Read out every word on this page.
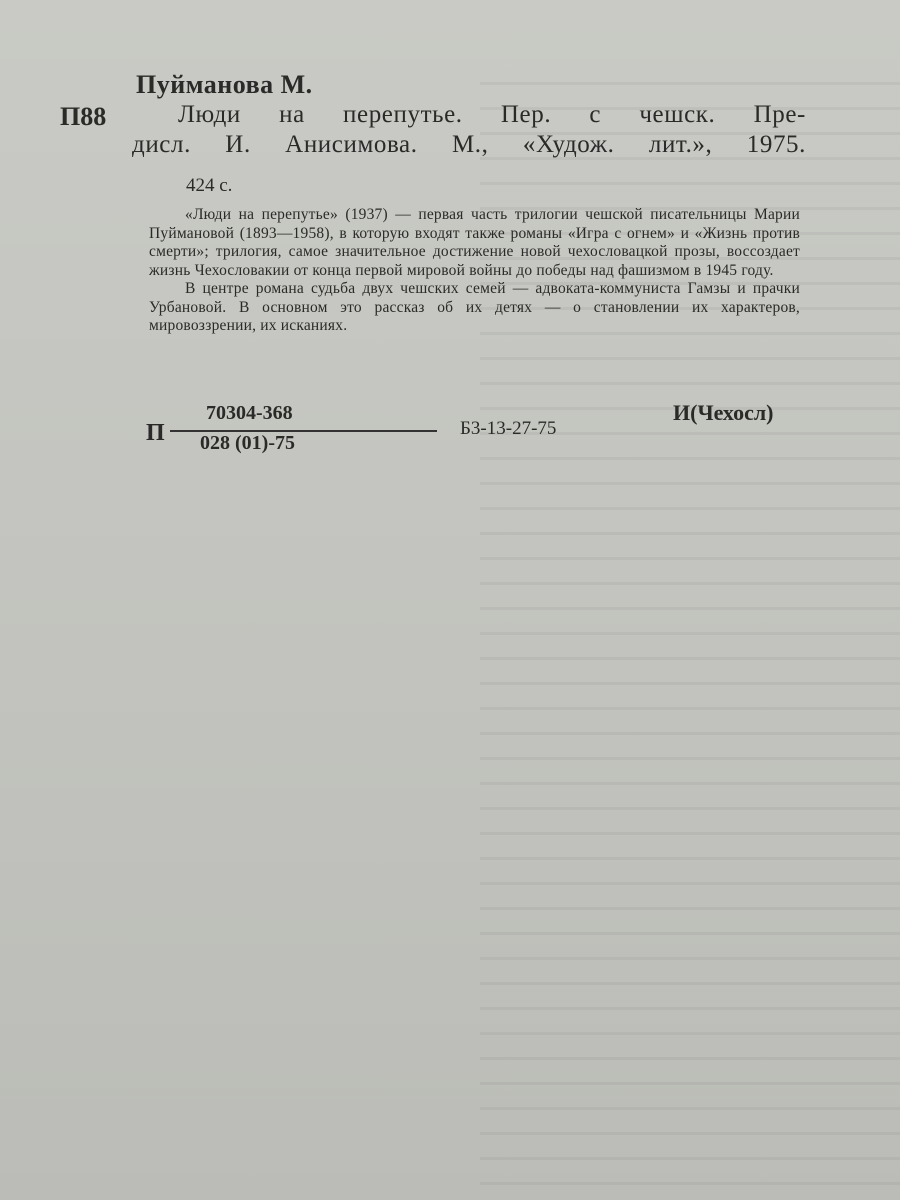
Пуйманова М.
П88	Люди на перепутье. Пер. с чешск. Пре-
дисл. И. Анисимова. М., «Худож. лит.», 1975.
424 с.

«Люди на перепутье» (1937) — первая часть трилогии чешской писательницы Марии Пуймановой (1893—1958), в которую входят также романы «Игра с огнем» и «Жизнь против смерти»; трилогия, самое значительное достижение новой чехословацкой прозы, воссоздает жизнь Чехословакии от конца первой мировой войны до победы над фашизмом в 1945 году.

В центре романа судьба двух чешских семей — адвоката-коммуниста Гамзы и прачки Урбановой. В основном это рассказ об их детях — о становлении их характеров, мировоззрении, их исканиях.

П
70304-368
028 (01)-75
Б3-13-27-75
И(Чехосл)
